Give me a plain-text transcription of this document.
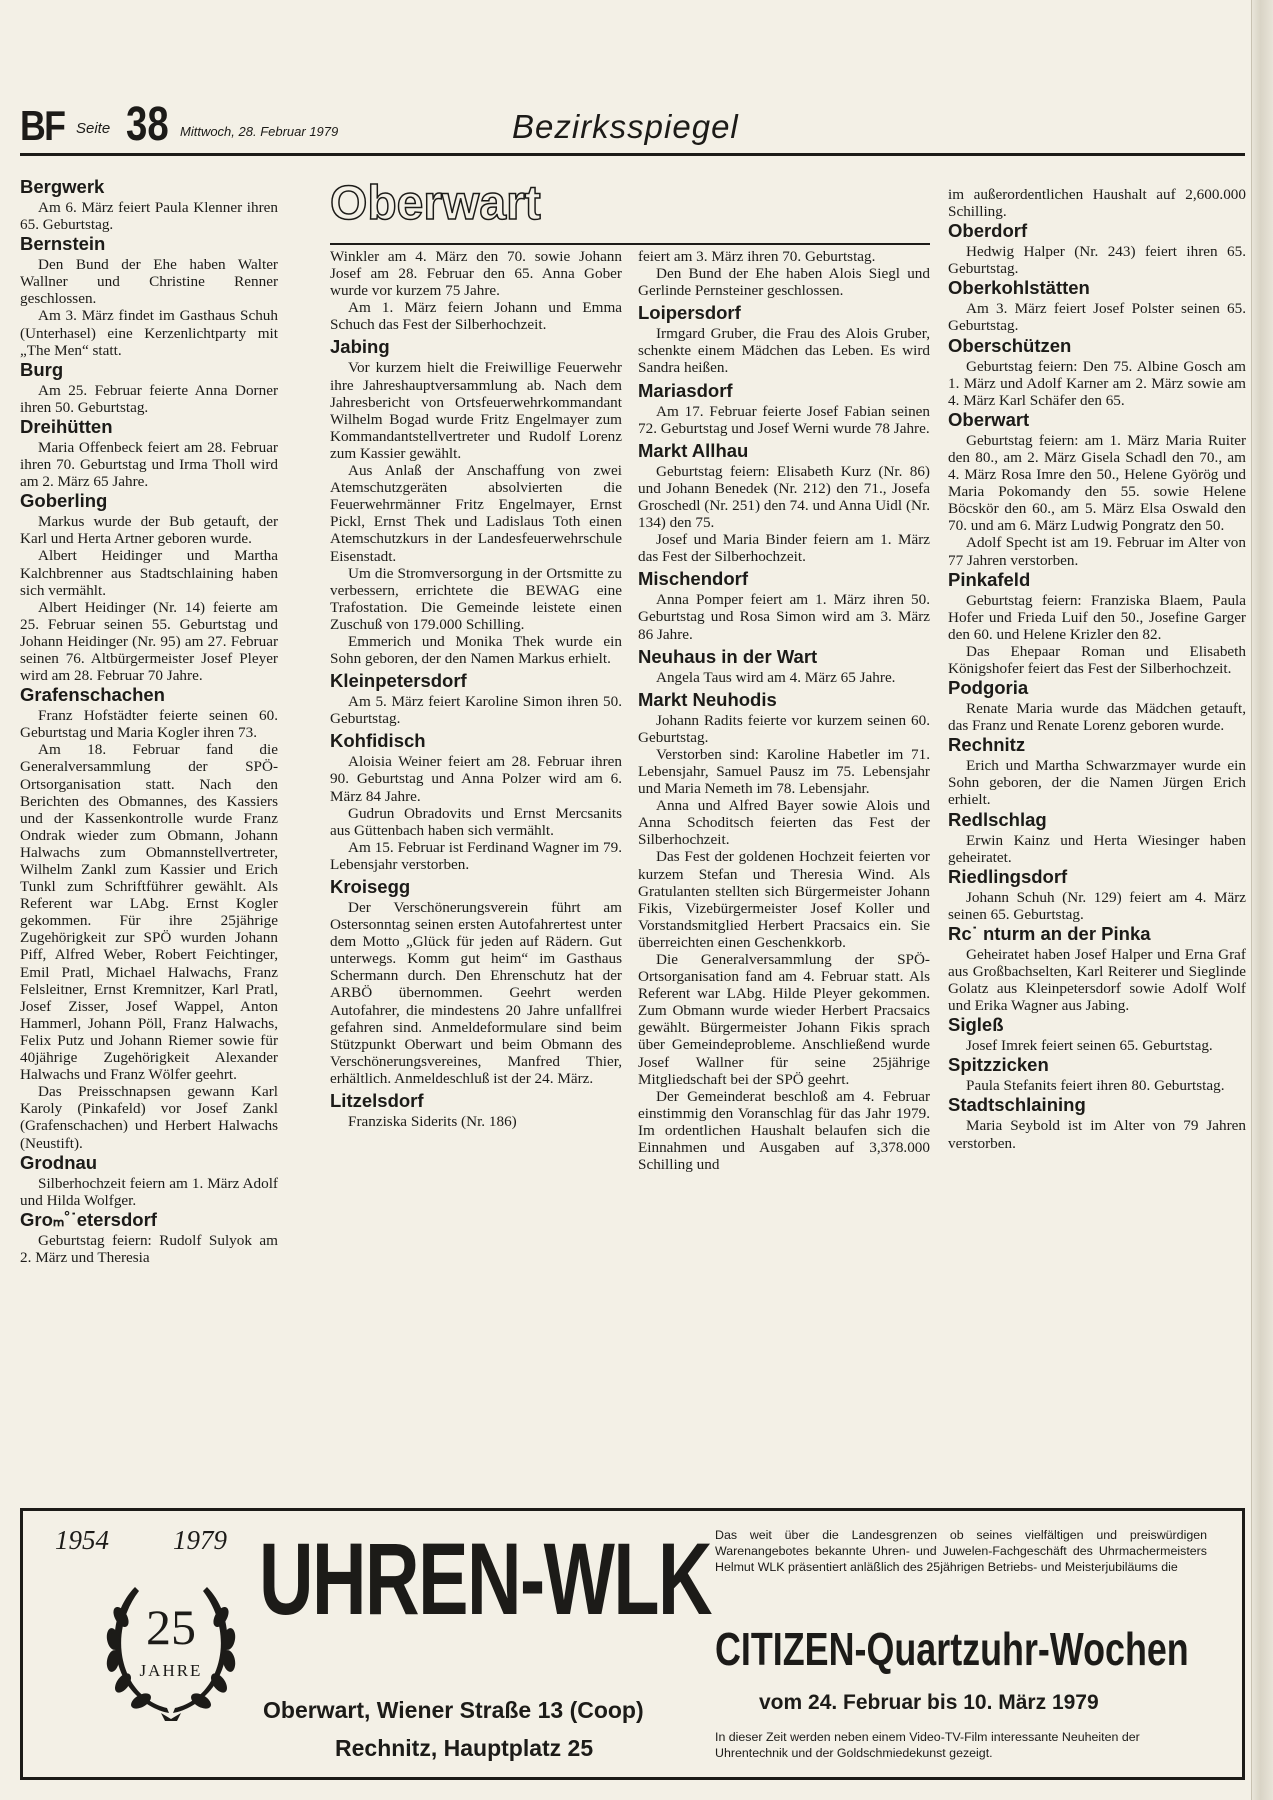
BF Seite 38 Mittwoch, 28. Februar 1979	Bezirksspiegel

Oberwart
Bergwerk

Am 6. März feiert Paula Klenner ihren 65. Geburtstag.

Bernstein

Den Bund der Ehe haben Walter Wallner und Christine Renner geschlossen.

Am 3. März findet im Gasthaus Schuh (Unterhasel) eine Kerzenlichtparty mit „The Men“ statt.

Burg

Am 25. Februar feierte Anna Dorner ihren 50. Geburtstag.

Dreihütten

Maria Offenbeck feiert am 28. Februar ihren 70. Geburtstag und Irma Tholl wird am 2. März 65 Jahre.

Goberling

Markus wurde der Bub getauft, der Karl und Herta Artner geboren wurde.

Albert Heidinger und Martha Kalchbrenner aus Stadtschlaining haben sich vermählt.

Albert Heidinger (Nr. 14) feierte am 25. Februar seinen 55. Geburtstag und Johann Heidinger (Nr. 95) am 27. Februar seinen 76. Altbürgermeister Josef Pleyer wird am 28. Februar 70 Jahre.

Grafenschachen

Franz Hofstädter feierte seinen 60. Geburtstag und Maria Kogler ihren 73.

Am 18. Februar fand die Generalversammlung der SPÖ-Ortsorganisation statt. Nach den Berichten des Obmannes, des Kassiers und der Kassenkontrolle wurde Franz Ondrak wieder zum Obmann, Johann Halwachs zum Obmannstellvertreter, Wilhelm Zankl zum Kassier und Erich Tunkl zum Schriftführer gewählt. Als Referent war LAbg. Ernst Kogler gekommen. Für ihre 25jährige Zugehörigkeit zur SPÖ wurden Johann Piff, Alfred Weber, Robert Feichtinger, Emil Pratl, Michael Halwachs, Franz Felsleitner, Ernst Kremnitzer, Karl Pratl, Josef Zisser, Josef Wappel, Anton Hammerl, Johann Pöll, Franz Halwachs, Felix Putz und Johann Riemer sowie für 40jährige Zugehörigkeit Alexander Halwachs und Franz Wölfer geehrt.

Das Preisschnapsen gewann Karl Karoly (Pinkafeld) vor Josef Zankl (Grafenschachen) und Herbert Halwachs (Neustift).

Grodnau

Silberhochzeit feiern am 1. März Adolf und Hilda Wolfger.

Groₘ˚˙etersdorf

Geburtstag feiern: Rudolf Sulyok am 2. März und Theresia

Winkler am 4. März den 70. sowie Johann Josef am 28. Februar den 65. Anna Gober wurde vor kurzem 75 Jahre.

Am 1. März feiern Johann und Emma Schuch das Fest der Silberhochzeit.

Jabing

Vor kurzem hielt die Freiwillige Feuerwehr ihre Jahreshauptversammlung ab. Nach dem Jahresbericht von Ortsfeuerwehrkommandant Wilhelm Bogad wurde Fritz Engelmayer zum Kommandantstellvertreter und Rudolf Lorenz zum Kassier gewählt.

Aus Anlaß der Anschaffung von zwei Atemschutzgeräten absolvierten die Feuerwehrmänner Fritz Engelmayer, Ernst Pickl, Ernst Thek und Ladislaus Toth einen Atemschutzkurs in der Landesfeuerwehrschule Eisenstadt.

Um die Stromversorgung in der Ortsmitte zu verbessern, errichtete die BEWAG eine Trafostation. Die Gemeinde leistete einen Zuschuß von 179.000 Schilling.

Emmerich und Monika Thek wurde ein Sohn geboren, der den Namen Markus erhielt.

Kleinpetersdorf

Am 5. März feiert Karoline Simon ihren 50. Geburtstag.

Kohfidisch

Aloisia Weiner feiert am 28. Februar ihren 90. Geburtstag und Anna Polzer wird am 6. März 84 Jahre.

Gudrun Obradovits und Ernst Mercsanits aus Güttenbach haben sich vermählt.

Am 15. Februar ist Ferdinand Wagner im 79. Lebensjahr verstorben.

Kroisegg

Der Verschönerungsverein führt am Ostersonntag seinen ersten Autofahrertest unter dem Motto „Glück für jeden auf Rädern. Gut unterwegs. Komm gut heim“ im Gasthaus Schermann durch. Den Ehrenschutz hat der ARBÖ übernommen. Geehrt werden Autofahrer, die mindestens 20 Jahre unfallfrei gefahren sind. Anmeldeformulare sind beim Stützpunkt Oberwart und beim Obmann des Verschönerungsvereines, Manfred Thier, erhältlich. Anmeldeschluß ist der 24. März.

Litzelsdorf

Franziska Siderits (Nr. 186)

feiert am 3. März ihren 70. Geburtstag.

Den Bund der Ehe haben Alois Siegl und Gerlinde Pernsteiner geschlossen.

Loipersdorf

Irmgard Gruber, die Frau des Alois Gruber, schenkte einem Mädchen das Leben. Es wird Sandra heißen.

Mariasdorf

Am 17. Februar feierte Josef Fabian seinen 72. Geburtstag und Josef Werni wurde 78 Jahre.

Markt Allhau

Geburtstag feiern: Elisabeth Kurz (Nr. 86) und Johann Benedek (Nr. 212) den 71., Josefa Groschedl (Nr. 251) den 74. und Anna Uidl (Nr. 134) den 75.

Josef und Maria Binder feiern am 1. März das Fest der Silberhochzeit.

Mischendorf

Anna Pomper feiert am 1. März ihren 50. Geburtstag und Rosa Simon wird am 3. März 86 Jahre.

Neuhaus in der Wart

Angela Taus wird am 4. März 65 Jahre.

Markt Neuhodis

Johann Radits feierte vor kurzem seinen 60. Geburtstag.

Verstorben sind: Karoline Habetler im 71. Lebensjahr, Samuel Pausz im 75. Lebensjahr und Maria Nemeth im 78. Lebensjahr.

Anna und Alfred Bayer sowie Alois und Anna Schoditsch feierten das Fest der Silberhochzeit.

Das Fest der goldenen Hochzeit feierten vor kurzem Stefan und Theresia Wind. Als Gratulanten stellten sich Bürgermeister Johann Fikis, Vizebürgermeister Josef Koller und Vorstandsmitglied Herbert Pracsaics ein. Sie überreichten einen Geschenkkorb.

Die Generalversammlung der SPÖ-Ortsorganisation fand am 4. Februar statt. Als Referent war LAbg. Hilde Pleyer gekommen. Zum Obmann wurde wieder Herbert Pracsaics gewählt. Bürgermeister Johann Fikis sprach über Gemeindeprobleme. Anschließend wurde Josef Wallner für seine 25jährige Mitgliedschaft bei der SPÖ geehrt.

Der Gemeinderat beschloß am 4. Februar einstimmig den Voranschlag für das Jahr 1979. Im ordentlichen Haushalt belaufen sich die Einnahmen und Ausgaben auf 3,378.000 Schilling und

im außerordentlichen Haushalt auf 2,600.000 Schilling.

Oberdorf

Hedwig Halper (Nr. 243) feiert ihren 65. Geburtstag.

Oberkohlstätten

Am 3. März feiert Josef Polster seinen 65. Geburtstag.

Oberschützen

Geburtstag feiern: Den 75. Albine Gosch am 1. März und Adolf Karner am 2. März sowie am 4. März Karl Schäfer den 65.

Oberwart

Geburtstag feiern: am 1. März Maria Ruiter den 80., am 2. März Gisela Schadl den 70., am 4. März Rosa Imre den 50., Helene Györög und Maria Pokomandy den 55. sowie Helene Böcskör den 60., am 5. März Elsa Oswald den 70. und am 6. März Ludwig Pongratz den 50.

Adolf Specht ist am 19. Februar im Alter von 77 Jahren verstorben.

Pinkafeld

Geburtstag feiern: Franziska Blaem, Paula Hofer und Frieda Luif den 50., Josefine Garger den 60. und Helene Krizler den 82.

Das Ehepaar Roman und Elisabeth Königshofer feiert das Fest der Silberhochzeit.

Podgoria

Renate Maria wurde das Mädchen getauft, das Franz und Renate Lorenz geboren wurde.

Rechnitz

Erich und Martha Schwarzmayer wurde ein Sohn geboren, der die Namen Jürgen Erich erhielt.

Redlschlag

Erwin Kainz und Herta Wiesinger haben geheiratet.

Riedlingsdorf

Johann Schuh (Nr. 129) feiert am 4. März seinen 65. Geburtstag.

Rc˙ nturm an der Pinka

Geheiratet haben Josef Halper und Erna Graf aus Großbachselten, Karl Reiterer und Sieglinde Golatz aus Kleinpetersdorf sowie Adolf Wolf und Erika Wagner aus Jabing.

Sigleß

Josef Imrek feiert seinen 65. Geburtstag.

Spitzzicken

Paula Stefanits feiert ihren 80. Geburtstag.

Stadtschlaining

Maria Seybold ist im Alter von 79 Jahren verstorben.

1954 1979
25
JAHRE
UHREN-WLK
Oberwart, Wiener Straße 13 (Coop)
Rechnitz, Hauptplatz 25
Das weit über die Landesgrenzen ob seines vielfältigen und preiswürdigen Warenangebotes bekannte Uhren- und Juwelen-Fachgeschäft des Uhrmachermeisters Helmut WLK präsentiert anläßlich des 25jährigen Betriebs- und Meisterjubiläums die
CITIZEN-Quartzuhr-Wochen
vom 24. Februar bis 10. März 1979
In dieser Zeit werden neben einem Video-TV-Film interessante Neuheiten der Uhrentechnik und der Goldschmiedekunst gezeigt.
